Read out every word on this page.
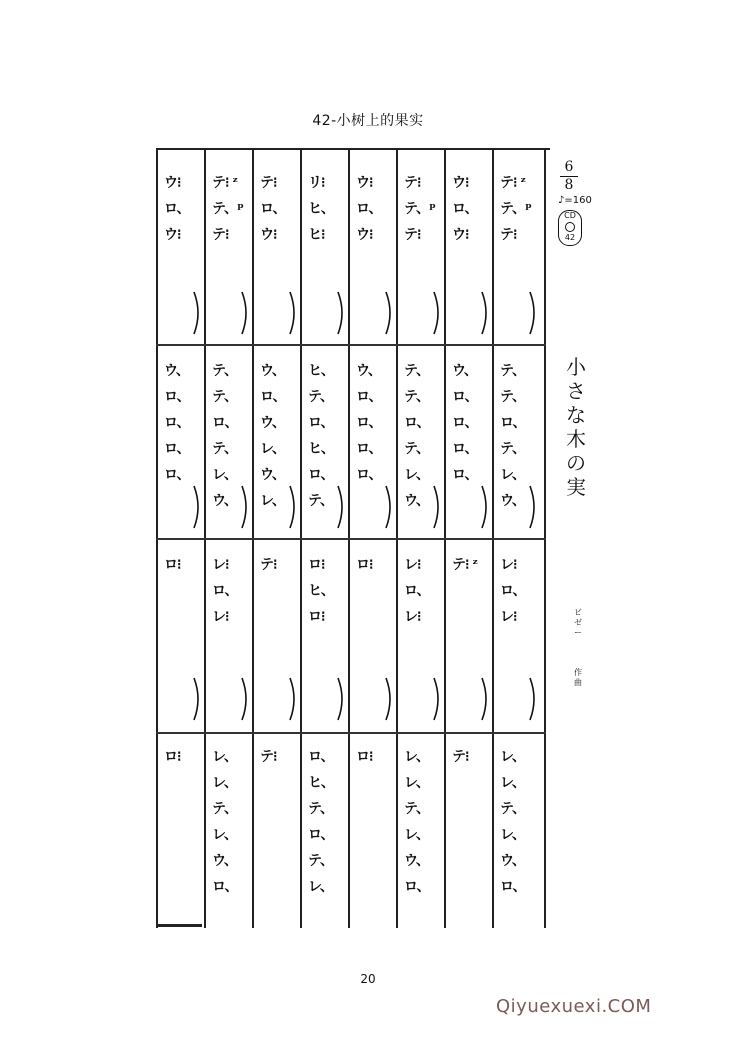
42-小树上的果实
テ⁝ ᶻ
テ、ᵖ
テ⁝
テ、
テ、
ロ、
テ、
レ、
ウ、
レ⁝
ロ、
レ⁝
レ、
レ、
テ、
レ、
ウ、
ロ、
ウ⁝
ロ、
ウ⁝
ウ、
ロ、
ロ、
ロ、
ロ、
テ⁝ ᶻ
テ⁝
テ⁝
テ、ᵖ
テ⁝
テ、
テ、
ロ、
テ、
レ、
ウ、
レ⁝
ロ、
レ⁝
レ、
レ、
テ、
レ、
ウ、
ロ、
ウ⁝
ロ、
ウ⁝
ウ、
ロ、
ロ、
ロ、
ロ、
ロ⁝
ロ⁝
リ⁝
ヒ、
ヒ⁝
ヒ、
テ、
ロ、
ヒ、
ロ、
テ、
ロ⁝
ヒ、
ロ⁝
ロ、
ヒ、
テ、
ロ、
テ、
レ、
テ⁝
ロ、
ウ⁝
ウ、
ロ、
ウ、
レ、
ウ、
レ、
テ⁝
テ⁝
テ⁝ ᶻ
テ、ᵖ
テ⁝
テ、
テ、
ロ、
テ、
レ、
ウ、
レ⁝
ロ、
レ⁝
レ、
レ、
テ、
レ、
ウ、
ロ、
ウ⁝
ロ、
ウ⁝
ウ、
ロ、
ロ、
ロ、
ロ、
ロ⁝
ロ⁝
6
8
♪=160
CD
42
小
さ
な
木
の
実
ビ
ゼ
ー
作
曲
20
Qiyuexuexi.COM
